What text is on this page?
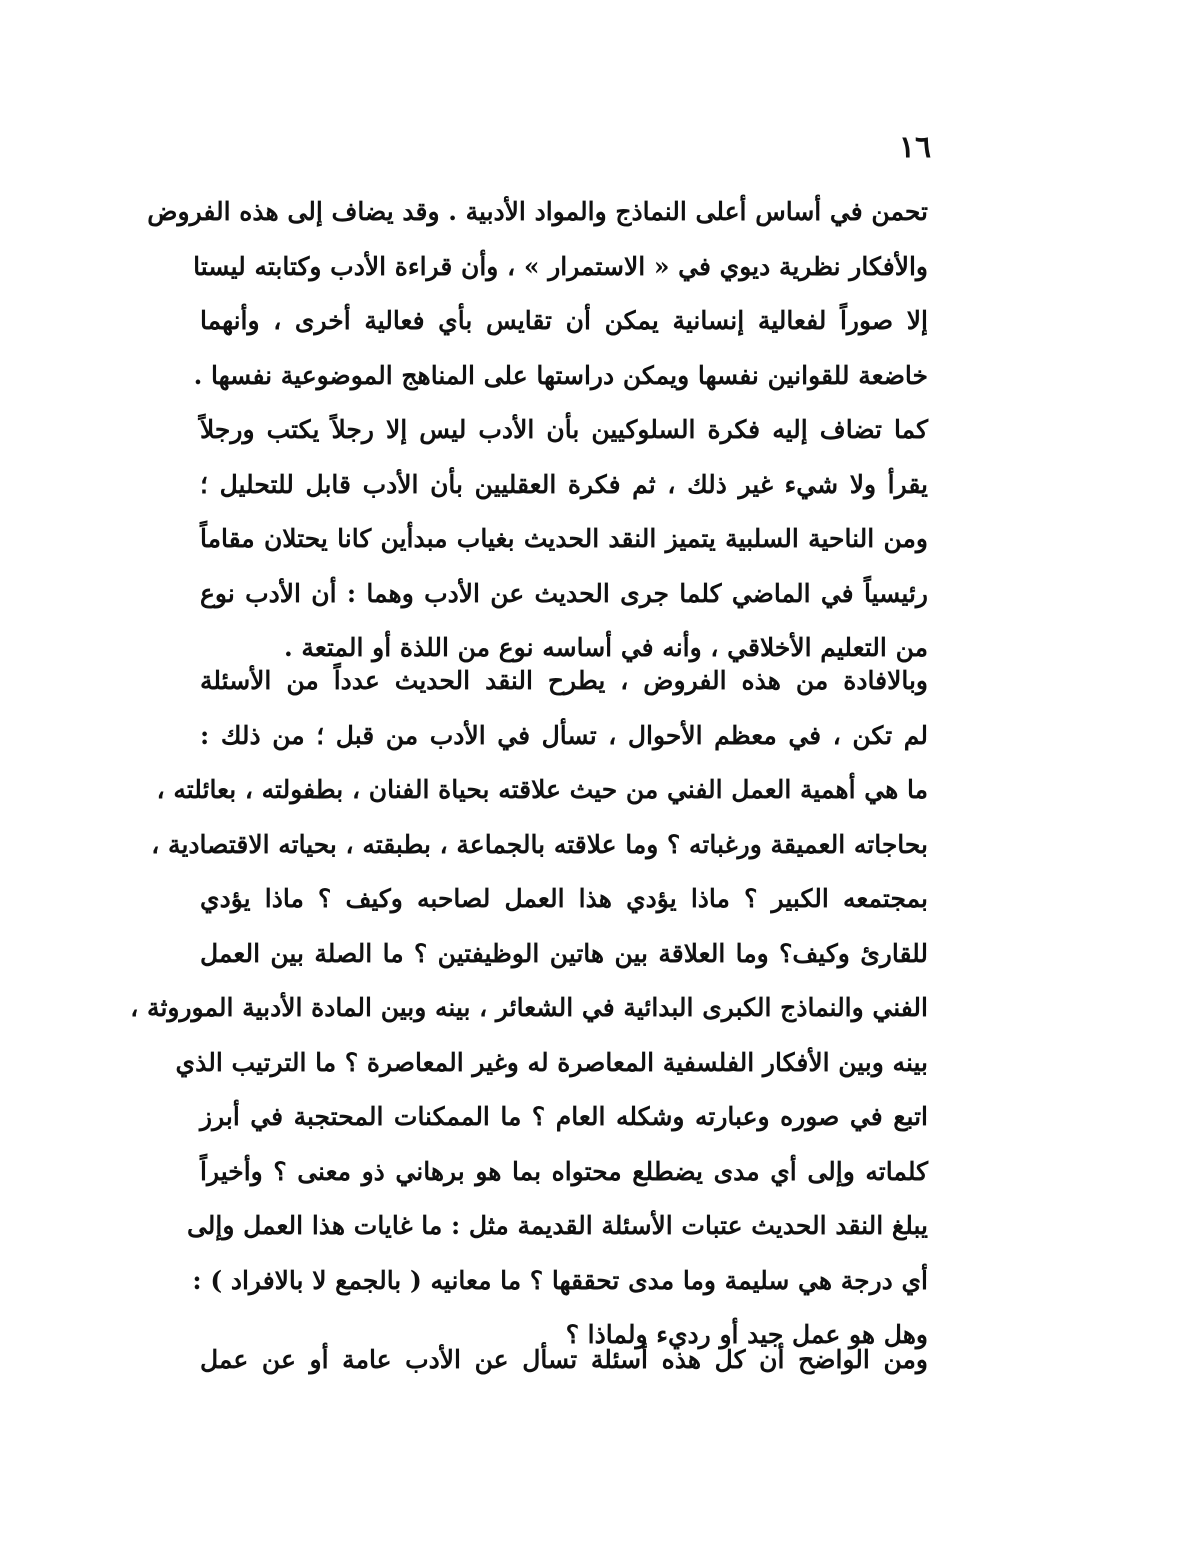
١٦
تحمن في أساس أعلى النماذج والمواد الأدبية . وقد يضاف إلى هذه الفروض
والأفكار نظرية ديوي في « الاستمرار » ، وأن قراءة الأدب وكتابته ليستا
إلا صوراً لفعالية إنسانية يمكن أن تقايس بأي فعالية أخرى ، وأنهما
خاضعة للقوانين نفسها ويمكن دراستها على المناهج الموضوعية نفسها .
كما تضاف إليه فكرة السلوكيين بأن الأدب ليس إلا رجلاً يكتب ورجلاً
يقرأ ولا شيء غير ذلك ، ثم فكرة العقليين بأن الأدب قابل للتحليل ؛
ومن الناحية السلبية يتميز النقد الحديث بغياب مبدأين كانا يحتلان مقاماً
رئيسياً في الماضي كلما جرى الحديث عن الأدب وهما : أن الأدب نوع
من التعليم الأخلاقي ، وأنه في أساسه نوع من اللذة أو المتعة .
وبالافادة من هذه الفروض ، يطرح النقد الحديث عدداً من الأسئلة
لم تكن ، في معظم الأحوال ، تسأل في الأدب من قبل ؛ من ذلك :
ما هي أهمية العمل الفني من حيث علاقته بحياة الفنان ، بطفولته ، بعائلته ،
بحاجاته العميقة ورغباته ؟ وما علاقته بالجماعة ، بطبقته ، بحياته الاقتصادية ،
بمجتمعه الكبير ؟ ماذا يؤدي هذا العمل لصاحبه وكيف ؟ ماذا يؤدي
للقارئ وكيف؟ وما العلاقة بين هاتين الوظيفتين ؟ ما الصلة بين العمل
الفني والنماذج الكبرى البدائية في الشعائر ، بينه وبين المادة الأدبية الموروثة ،
بينه وبين الأفكار الفلسفية المعاصرة له وغير المعاصرة ؟ ما الترتيب الذي
اتبع في صوره وعبارته وشكله العام ؟ ما الممكنات المحتجبة في أبرز
كلماته وإلى أي مدى يضطلع محتواه بما هو برهاني ذو معنى ؟ وأخيراً
يبلغ النقد الحديث عتبات الأسئلة القديمة مثل : ما غايات هذا العمل وإلى
أي درجة هي سليمة وما مدى تحققها ؟ ما معانيه ( بالجمع لا بالافراد ) :
وهل هو عمل جيد أو رديء ولماذا ؟
ومن الواضح أن كل هذه أسئلة تسأل عن الأدب عامة أو عن عمل
